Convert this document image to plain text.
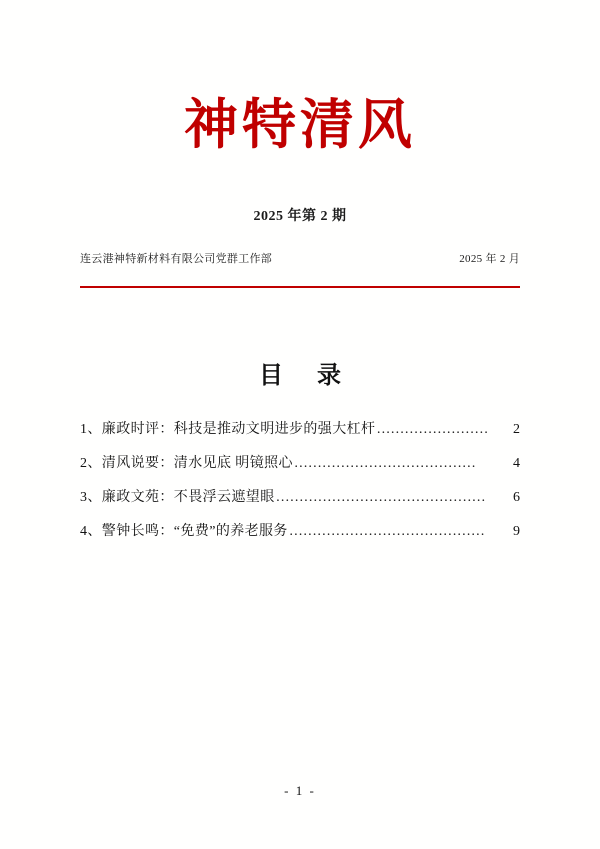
神特清风
2025 年第 2 期
连云港神特新材料有限公司党群工作部	2025 年 2 月
目 录
1、廉政时评：科技是推动文明进步的强大杠杆 ……………………	2
2、清风说要：清水见底 明镜照心 …………………………………	4
3、廉政文苑：不畏浮云遮望眼 ………………………………………	6
4、警钟长鸣：“免费”的养老服务 ……………………………………	9
- 1 -
